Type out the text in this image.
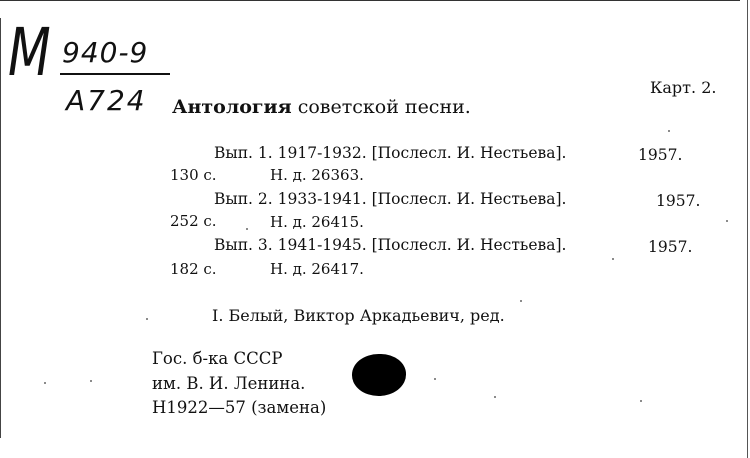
M 940-9
A724	Карт. 2.
Антология советской песни.
Вып. 1. 1917-1932. [Послесл. И. Нестьева].	1957.
130 с.	Н. д. 26363.
Вып. 2. 1933-1941. [Послесл. И. Нестьева].	1957.
252 с.	Н. д. 26415.
Вып. 3. 1941-1945. [Послесл. И. Нестьева].	1957.
182 с.	Н. д. 26417.
I. Белый, Виктор Аркадьевич, ред.
Гос. б-ка СССР
им. В. И. Ленина.
Н1922—57 (замена)
